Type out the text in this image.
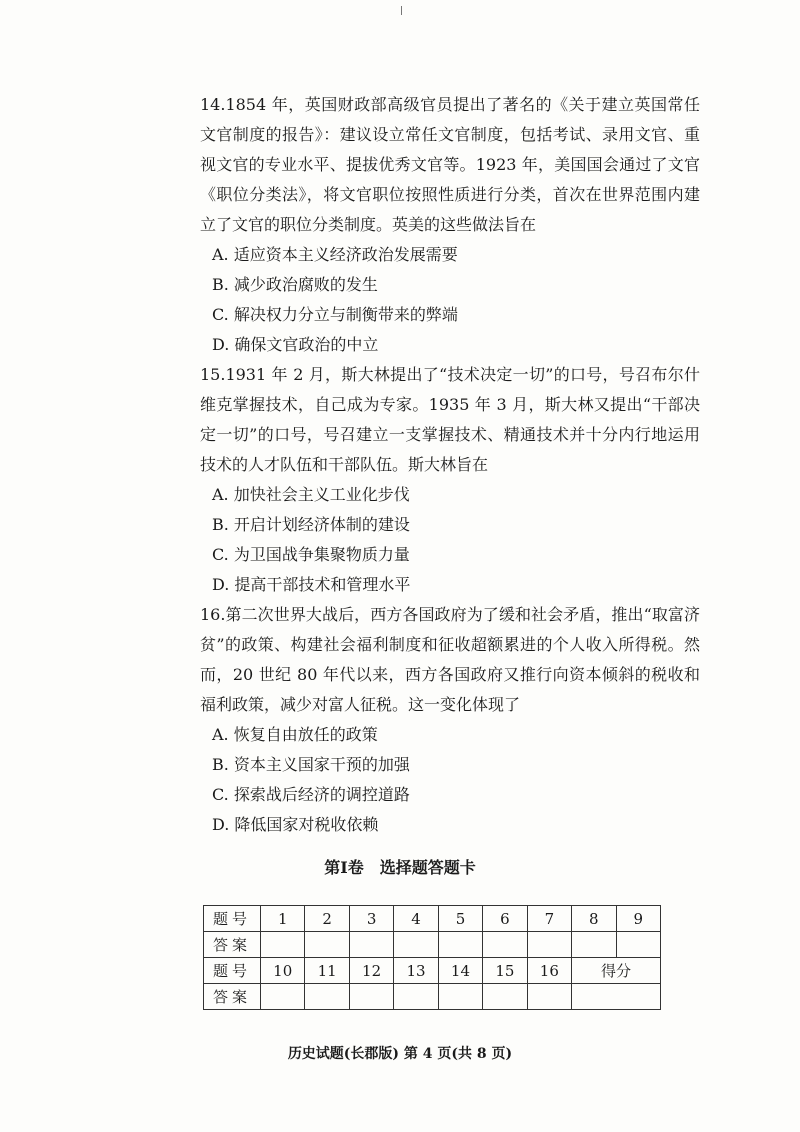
14.1854 年，英国财政部高级官员提出了著名的《关于建立英国常任文官制度的报告》：建议设立常任文官制度，包括考试、录用文官、重视文官的专业水平、提拔优秀文官等。1923 年，美国国会通过了文官《职位分类法》，将文官职位按照性质进行分类，首次在世界范围内建立了文官的职位分类制度。英美的这些做法旨在
A. 适应资本主义经济政治发展需要
B. 减少政治腐败的发生
C. 解决权力分立与制衡带来的弊端
D. 确保文官政治的中立
15.1931 年 2 月，斯大林提出了“技术决定一切”的口号，号召布尔什维克掌握技术，自己成为专家。1935 年 3 月，斯大林又提出“干部决定一切”的口号，号召建立一支掌握技术、精通技术并十分内行地运用技术的人才队伍和干部队伍。斯大林旨在
A. 加快社会主义工业化步伐
B. 开启计划经济体制的建设
C. 为卫国战争集聚物质力量
D. 提高干部技术和管理水平
16.第二次世界大战后，西方各国政府为了缓和社会矛盾，推出“取富济贫”的政策、构建社会福利制度和征收超额累进的个人收入所得税。然而，20 世纪 80 年代以来，西方各国政府又推行向资本倾斜的税收和福利政策，减少对富人征税。这一变化体现了
A. 恢复自由放任的政策
B. 资本主义国家干预的加强
C. 探索战后经济的调控道路
D. 降低国家对税收依赖
第Ⅰ卷 选择题答题卡
题号	1	2	3	4	5	6	7	8	9
答案									
题号	10	11	12	13	14	15	16	得分	
答案									
历史试题(长郡版) 第 4 页(共 8 页)
